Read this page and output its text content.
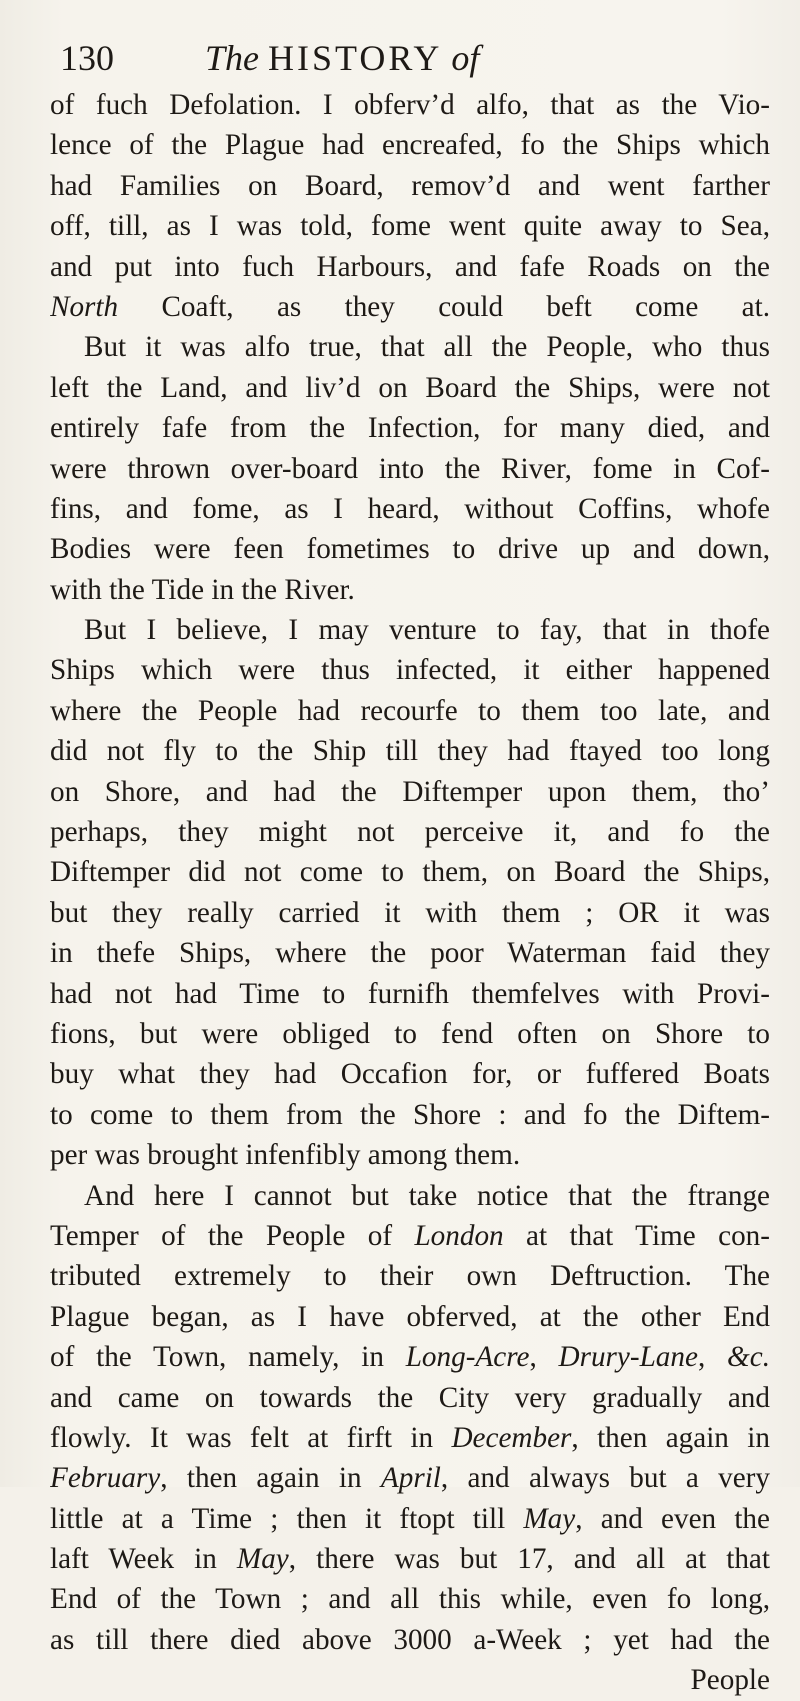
130	The HISTORY of
of fuch Defolation. I obferv’d alfo, that as the Vio-
lence of the Plague had encreafed, fo the Ships which
had Families on Board, remov’d and went farther
off, till, as I was told, fome went quite away to Sea,
and put into fuch Harbours, and fafe Roads on the
North Coaft, as they could beft come at.
But it was alfo true, that all the People, who thus
left the Land, and liv’d on Board the Ships, were not
entirely fafe from the Infection, for many died, and
were thrown over-board into the River, fome in Cof-
fins, and fome, as I heard, without Coffins, whofe
Bodies were feen fometimes to drive up and down,
with the Tide in the River.
But I believe, I may venture to fay, that in thofe
Ships which were thus infected, it either happened
where the People had recourfe to them too late, and
did not fly to the Ship till they had ftayed too long
on Shore, and had the Diftemper upon them, tho’
perhaps, they might not perceive it, and fo the
Diftemper did not come to them, on Board the Ships,
but they really carried it with them ; OR it was
in thefe Ships, where the poor Waterman faid they
had not had Time to furnifh themfelves with Provi-
fions, but were obliged to fend often on Shore to
buy what they had Occafion for, or fuffered Boats
to come to them from the Shore : and fo the Diftem-
per was brought infenfibly among them.
And here I cannot but take notice that the ftrange
Temper of the People of London at that Time con-
tributed extremely to their own Deftruction. The
Plague began, as I have obferved, at the other End
of the Town, namely, in Long-Acre, Drury-Lane, &c.
and came on towards the City very gradually and
flowly. It was felt at firft in December, then again in
February, then again in April, and always but a very
little at a Time ; then it ftopt till May, and even the
laft Week in May, there was but 17, and all at that
End of the Town ; and all this while, even fo long,
as till there died above 3000 a-Week ; yet had the
People
